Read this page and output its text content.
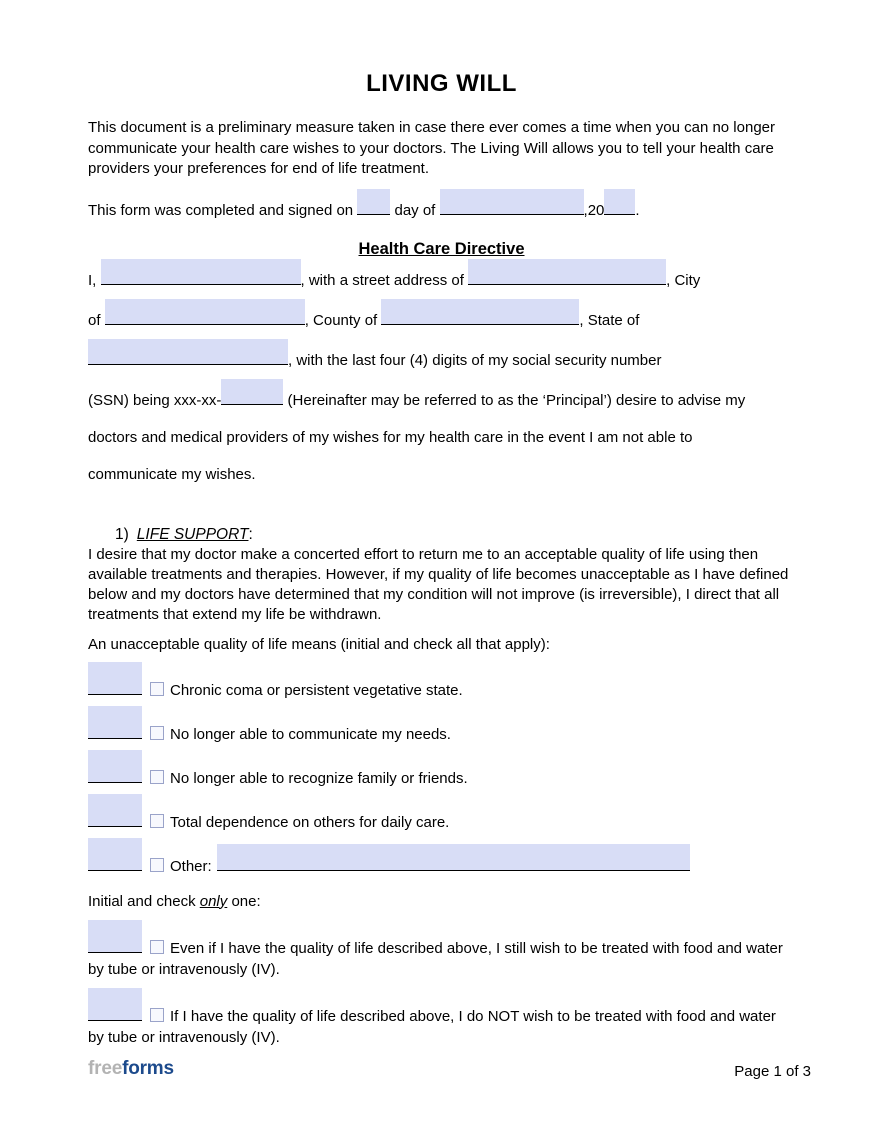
LIVING WILL

This document is a preliminary measure taken in case there ever comes a time when you can no longer communicate your health care wishes to your doctors. The Living Will allows you to tell your health care providers your preferences for end of life treatment.

This form was completed and signed on	day of	,20 .
Health Care Directive
I,	, with a street address of	, City
of	, County of	, State of
, with the last four (4) digits of my social security number
(SSN) being xxx-xx-	(Hereinafter may be referred to as the ‘Principal’) desire to advise my
doctors and medical providers of my wishes for my health care in the event I am not able to
communicate my wishes.
1) LIFE SUPPORT:

I desire that my doctor make a concerted effort to return me to an acceptable quality of life using then available treatments and therapies. However, if my quality of life becomes unacceptable as I have defined below and my doctors have determined that my condition will not improve (is irreversible), I direct that all treatments that extend my life be withdrawn.

An unacceptable quality of life means (initial and check all that apply):

Chronic coma or persistent vegetative state.
No longer able to communicate my needs.
No longer able to recognize family or friends.
Total dependence on others for daily care.
Other:

Initial and check only one:

Even if I have the quality of life described above, I still wish to be treated with food and water by tube or intravenously (IV).

If I have the quality of life described above, I do NOT wish to be treated with food and water by tube or intravenously (IV).

freeforms	Page 1 of 3
